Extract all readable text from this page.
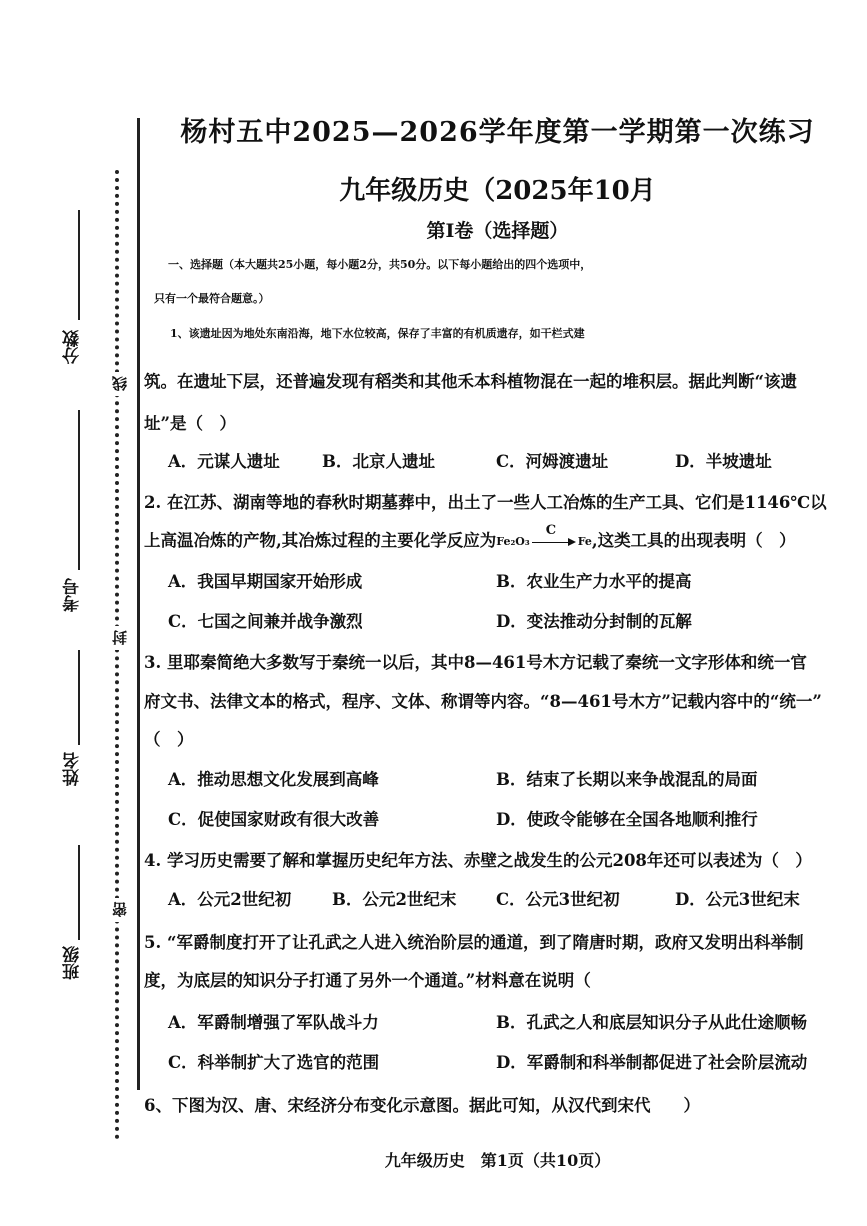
分数
考号
姓名
班级
线
封
密
杨村五中2025—2026学年度第一学期第一次练习
九年级历史（2025年10月
第Ⅰ卷（选择题）
一、选择题（本大题共25小题，每小题2分，共50分。以下每小题给出的四个选项中，
只有一个最符合题意。）
1、该遗址因为地处东南沿海，地下水位较高，保存了丰富的有机质遗存，如干栏式建
筑。在遗址下层，还普遍发现有稻类和其他禾本科植物混在一起的堆积层。据此判断“该遗
址”是（　）
A．元谋人遗址	B．北京人遗址	C．河姆渡遗址	D．半坡遗址
2. 在江苏、湖南等地的春秋时期墓葬中，出土了一些人工冶炼的生产工具、它们是1146℃以
上高温冶炼的产物,其冶炼过程的主要化学反应为Fe₂O₃
C
Fe,这类工具的出现表明（　）
A．我国早期国家开始形成	B．农业生产力水平的提高
C．七国之间兼并战争激烈	D．变法推动分封制的瓦解
3. 里耶秦简绝大多数写于秦统一以后，其中8—461号木方记载了秦统一文字形体和统一官
府文书、法律文本的格式，程序、文体、称谓等内容。“8—461号木方”记载内容中的“统一”
（　）
A．推动思想文化发展到高峰	B．结束了长期以来争战混乱的局面
C．促使国家财政有很大改善	D．使政令能够在全国各地顺利推行
4. 学习历史需要了解和掌握历史纪年方法、赤壁之战发生的公元208年还可以表述为（　）
A．公元2世纪初 B．公元2世纪末 C．公元3世纪初	D．公元3世纪末
5. “军爵制度打开了让孔武之人进入统治阶层的通道，到了隋唐时期，政府又发明出科举制
度，为底层的知识分子打通了另外一个通道。”材料意在说明（
A．军爵制增强了军队战斗力	B．孔武之人和底层知识分子从此仕途顺畅
C．科举制扩大了选官的范围	D．军爵制和科举制都促进了社会阶层流动
6、下图为汉、唐、宋经济分布变化示意图。据此可知，从汉代到宋代　　）
九年级历史　第1页（共10页）
